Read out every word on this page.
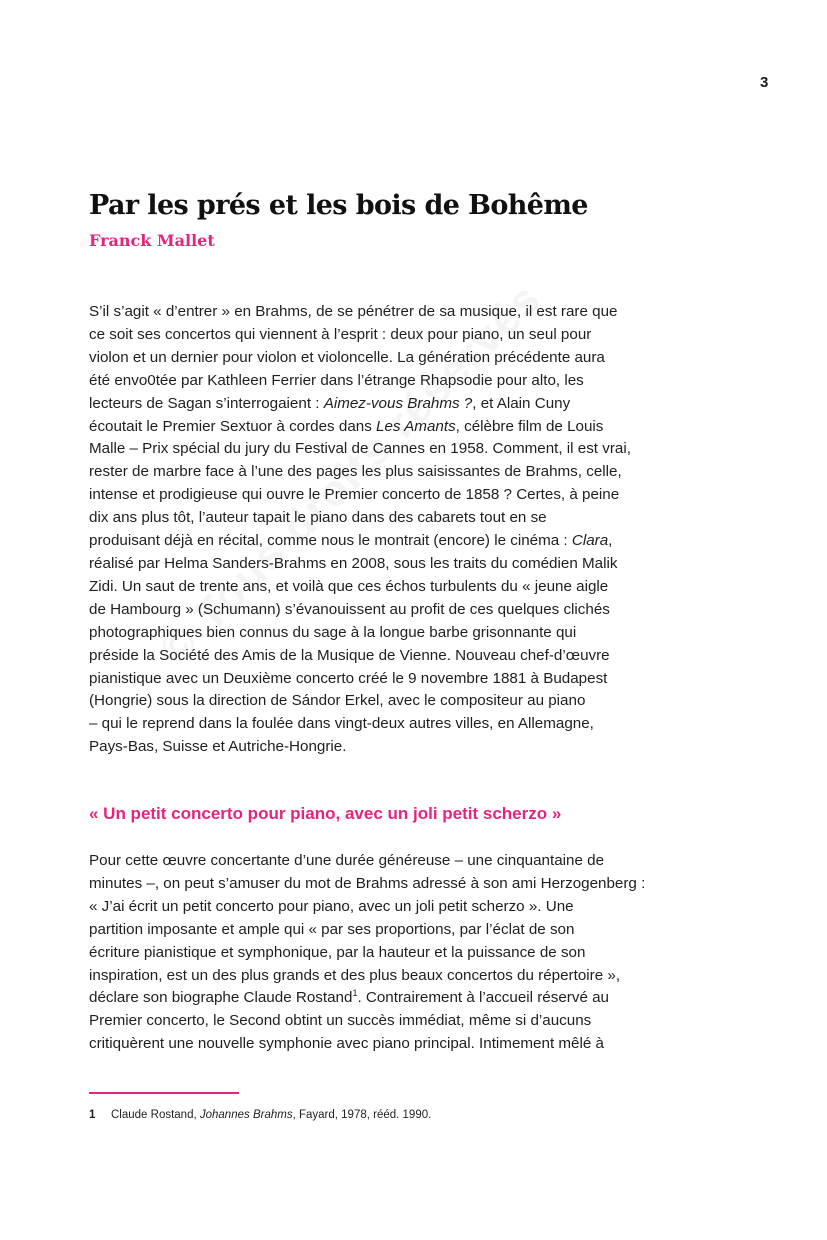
3
Par les prés et les bois de Bohême
Franck Mallet
S’il s’agit « d’entrer » en Brahms, de se pénétrer de sa musique, il est rare que
ce soit ses concertos qui viennent à l’esprit : deux pour piano, un seul pour
violon et un dernier pour violon et violoncelle. La génération précédente aura
été envo0tée par Kathleen Ferrier dans l’étrange Rhapsodie pour alto, les
lecteurs de Sagan s’interrogaient : Aimez-vous Brahms ?, et Alain Cuny
écoutait le Premier Sextuor à cordes dans Les Amants, célèbre film de Louis
Malle – Prix spécial du jury du Festival de Cannes en 1958. Comment, il est vrai,
rester de marbre face à l’une des pages les plus saisissantes de Brahms, celle,
intense et prodigieuse qui ouvre le Premier concerto de 1858 ? Certes, à peine
dix ans plus tôt, l’auteur tapait le piano dans des cabarets tout en se
produisant déjà en récital, comme nous le montrait (encore) le cinéma : Clara,
réalisé par Helma Sanders-Brahms en 2008, sous les traits du comédien Malik
Zidi. Un saut de trente ans, et voilà que ces échos turbulents du « jeune aigle
de Hambourg » (Schumann) s’évanouissent au profit de ces quelques clichés
photographiques bien connus du sage à la longue barbe grisonnante qui
préside la Société des Amis de la Musique de Vienne. Nouveau chef-d’œuvre
pianistique avec un Deuxième concerto créé le 9 novembre 1881 à Budapest
(Hongrie) sous la direction de Sándor Erkel, avec le compositeur au piano
– qui le reprend dans la foulée dans vingt-deux autres villes, en Allemagne,
Pays-Bas, Suisse et Autriche-Hongrie.
« Un petit concerto pour piano, avec un joli petit scherzo »
Pour cette œuvre concertante d’une durée généreuse – une cinquantaine de
minutes –, on peut s’amuser du mot de Brahms adressé à son ami Herzogenberg :
« J’ai écrit un petit concerto pour piano, avec un joli petit scherzo ». Une
partition imposante et ample qui « par ses proportions, par l’éclat de son
écriture pianistique et symphonique, par la hauteur et la puissance de son
inspiration, est un des plus grands et des plus beaux concertos du répertoire »,
déclare son biographe Claude Rostand$^1$. Contrairement à l’accueil réservé au
Premier concerto, le Second obtint un succès immédiat, même si d’aucuns
critiquèrent une nouvelle symphonie avec piano principal. Intimement mêlé à
1 Claude Rostand, Johannes Brahms, Fayard, 1978, rééd. 1990.
